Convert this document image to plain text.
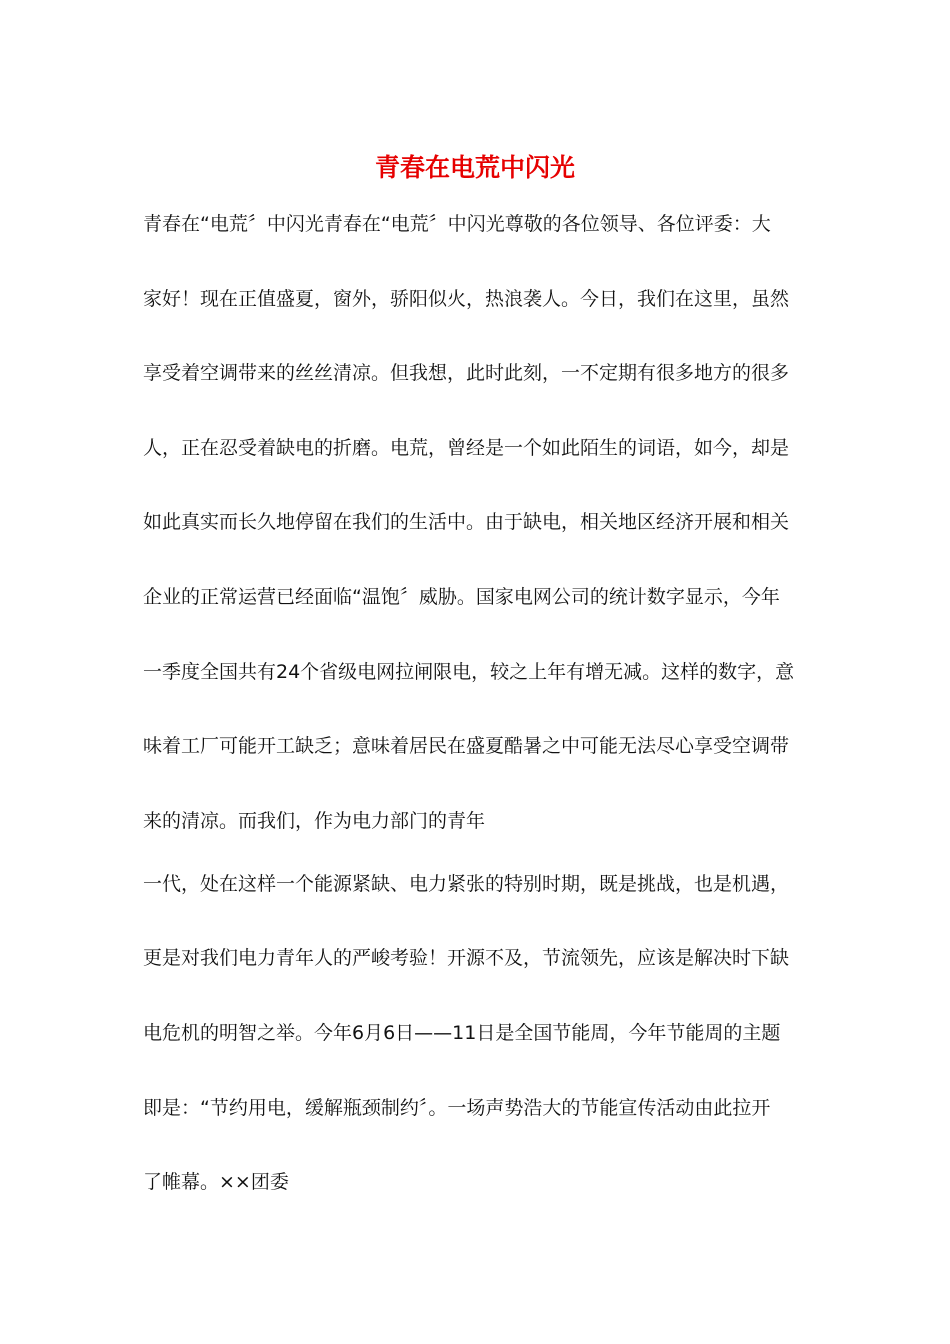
青春在电荒中闪光

青春在“电荒〞中闪光青春在“电荒〞中闪光尊敬的各位领导、各位评委：大

家好！现在正值盛夏，窗外，骄阳似火，热浪袭人。今日，我们在这里，虽然

享受着空调带来的丝丝清凉。但我想，此时此刻，一不定期有很多地方的很多

人，正在忍受着缺电的折磨。电荒，曾经是一个如此陌生的词语，如今，却是

如此真实而长久地停留在我们的生活中。由于缺电，相关地区经济开展和相关

企业的正常运营已经面临“温饱〞威胁。国家电网公司的统计数字显示，今年

一季度全国共有24个省级电网拉闸限电，较之上年有增无减。这样的数字，意

味着工厂可能开工缺乏；意味着居民在盛夏酷暑之中可能无法尽心享受空调带

来的清凉。而我们，作为电力部门的青年

一代，处在这样一个能源紧缺、电力紧张的特别时期，既是挑战，也是机遇，

更是对我们电力青年人的严峻考验！开源不及，节流领先，应该是解决时下缺

电危机的明智之举。今年6月6日——11日是全国节能周，今年节能周的主题

即是：“节约用电，缓解瓶颈制约〞。一场声势浩大的节能宣传活动由此拉开

了帷幕。××团委
